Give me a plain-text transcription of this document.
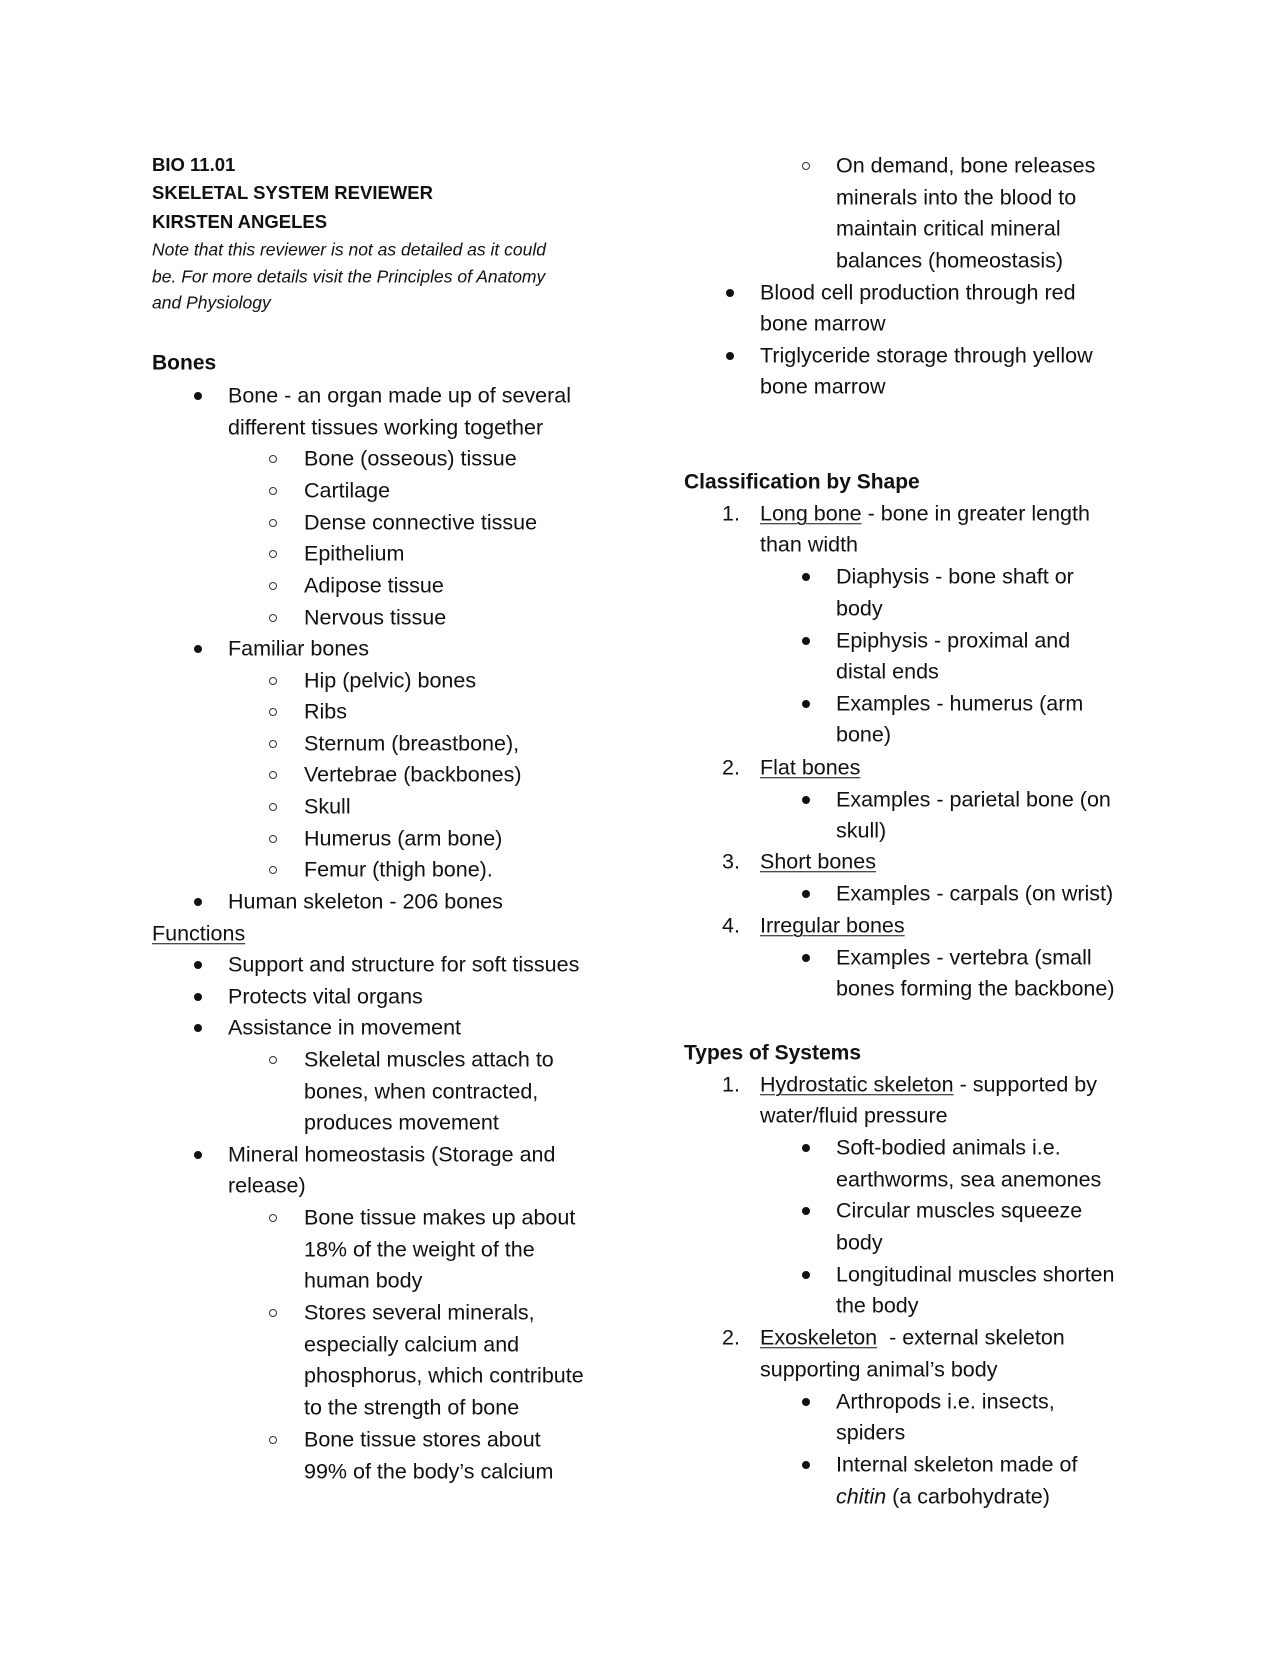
BIO 11.01
SKELETAL SYSTEM REVIEWER
KIRSTEN ANGELES
Note that this reviewer is not as detailed as it could
be. For more details visit the Principles of Anatomy
and Physiology
Bones
Bone - an organ made up of several
different tissues working together
Bone (osseous) tissue
Cartilage
Dense connective tissue
Epithelium
Adipose tissue
Nervous tissue
Familiar bones
Hip (pelvic) bones
Ribs
Sternum (breastbone),
Vertebrae (backbones)
Skull
Humerus (arm bone)
Femur (thigh bone).
Human skeleton - 206 bones
Functions
Support and structure for soft tissues
Protects vital organs
Assistance in movement
Skeletal muscles attach to
bones, when contracted,
produces movement
Mineral homeostasis (Storage and
release)
Bone tissue makes up about
18% of the weight of the
human body
Stores several minerals,
especially calcium and
phosphorus, which contribute
to the strength of bone
Bone tissue stores about
99% of the body’s calcium
On demand, bone releases
minerals into the blood to
maintain critical mineral
balances (homeostasis)
Blood cell production through red
bone marrow
Triglyceride storage through yellow
bone marrow
Classification by Shape
1. Long bone - bone in greater length
than width
Diaphysis - bone shaft or
body
Epiphysis - proximal and
distal ends
Examples - humerus (arm
bone)
2. Flat bones
Examples - parietal bone (on
skull)
3. Short bones
Examples - carpals (on wrist)
4. Irregular bones
Examples - vertebra (small
bones forming the backbone)
Types of Systems
1. Hydrostatic skeleton - supported by
water/fluid pressure
Soft-bodied animals i.e.
earthworms, sea anemones
Circular muscles squeeze
body
Longitudinal muscles shorten
the body
2. Exoskeleton  - external skeleton
supporting animal’s body
Arthropods i.e. insects,
spiders
Internal skeleton made of
chitin (a carbohydrate)
